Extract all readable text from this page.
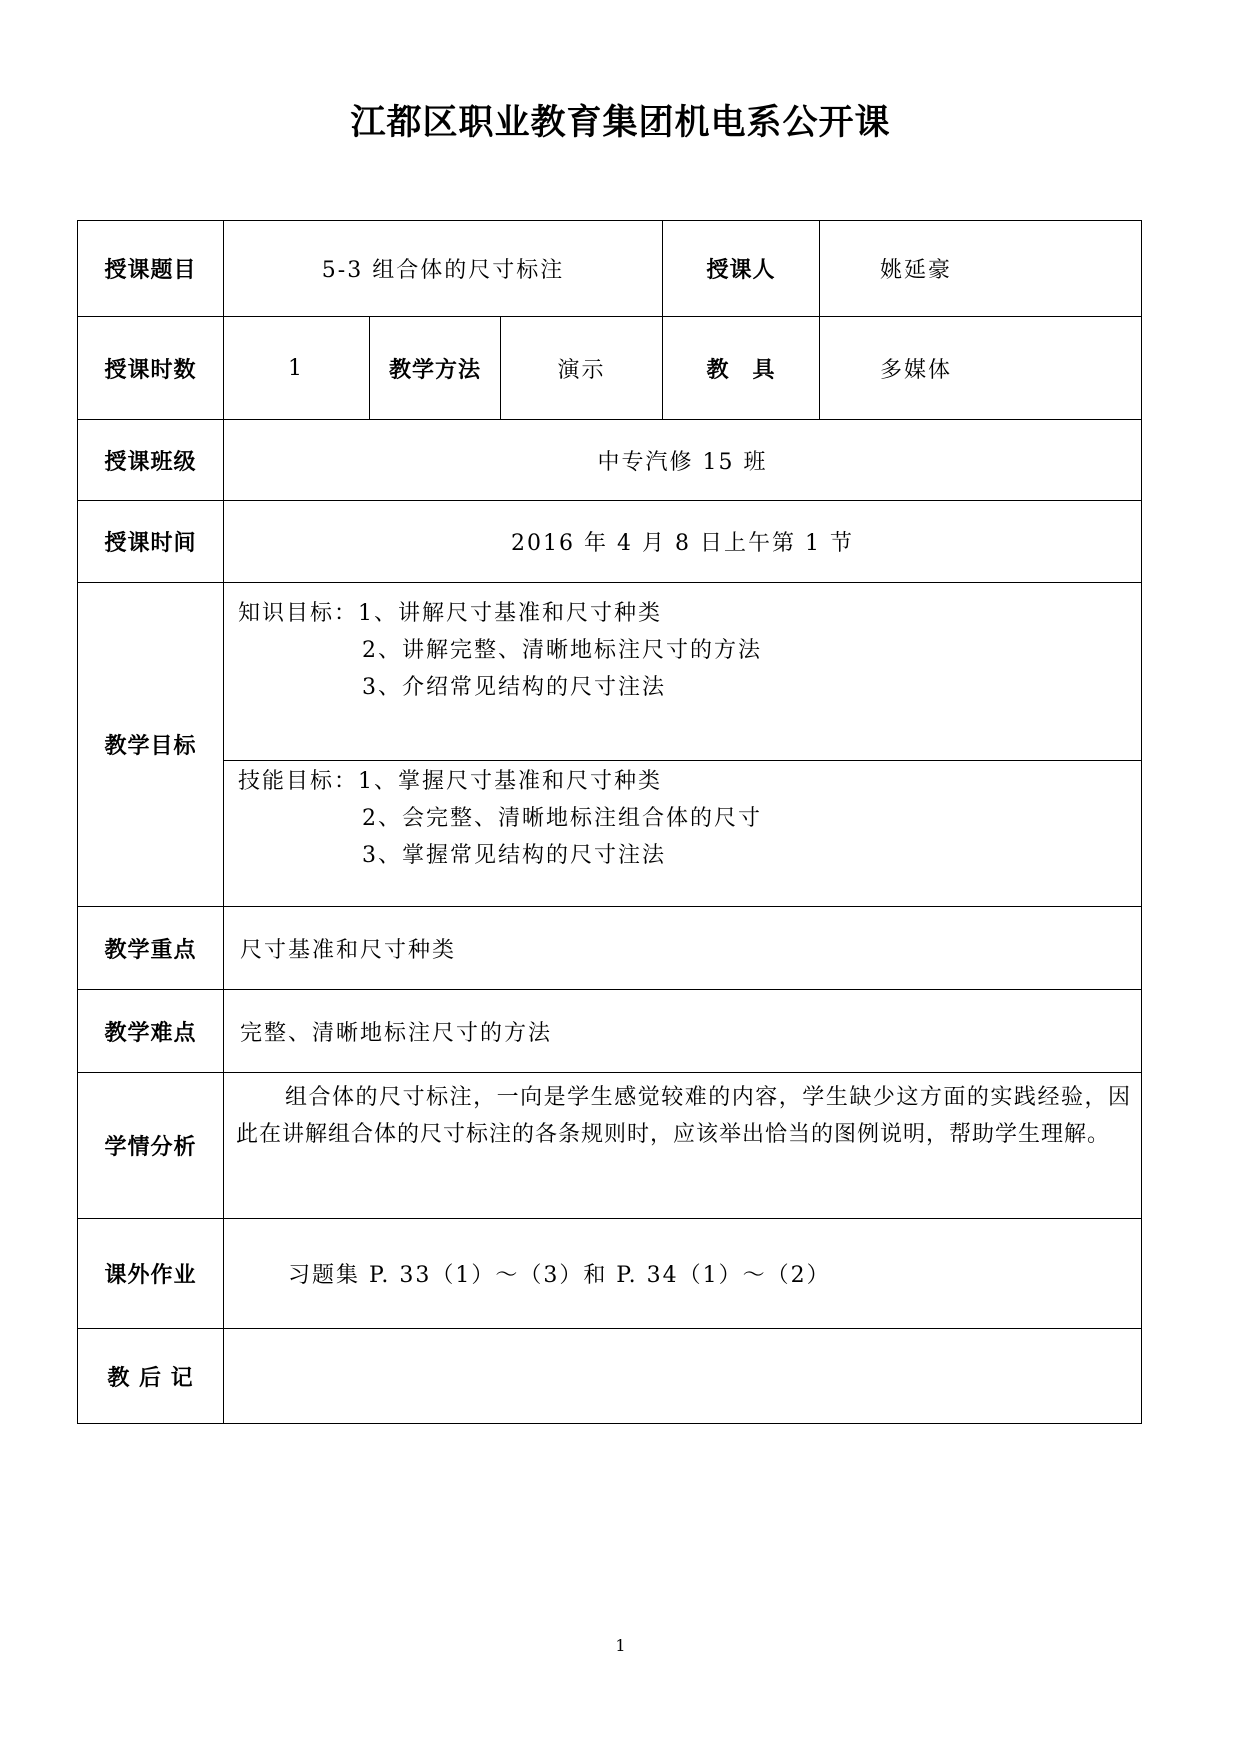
江都区职业教育集团机电系公开课
授课题目	5-3 组合体的尺寸标注			授课人	姚延豪
授课时数	1	教学方法	演示	教　具	多媒体
授课班级	中专汽修 15 班				
授课时间	2016 年 4 月 8 日上午第 1 节				
教学目标	知识目标：1、讲解尺寸基准和尺寸种类
2、讲解完整、清晰地标注尺寸的方法
3、介绍常见结构的尺寸注法				

	技能目标：1、掌握尺寸基准和尺寸种类
2、会完整、清晰地标注组合体的尺寸
3、掌握常见结构的尺寸注法				

教学重点	尺寸基准和尺寸种类				
教学难点	完整、清晰地标注尺寸的方法				
学情分析	组合体的尺寸标注，一向是学生感觉较难的内容，学生缺少这方面的实践经验，因此在讲解组合体的尺寸标注的各条规则时，应该举出恰当的图例说明，帮助学生理解。				

课外作业	习题集 P. 33（1）～（3）和 P. 34（1）～（2）				
教 后 记					
1
